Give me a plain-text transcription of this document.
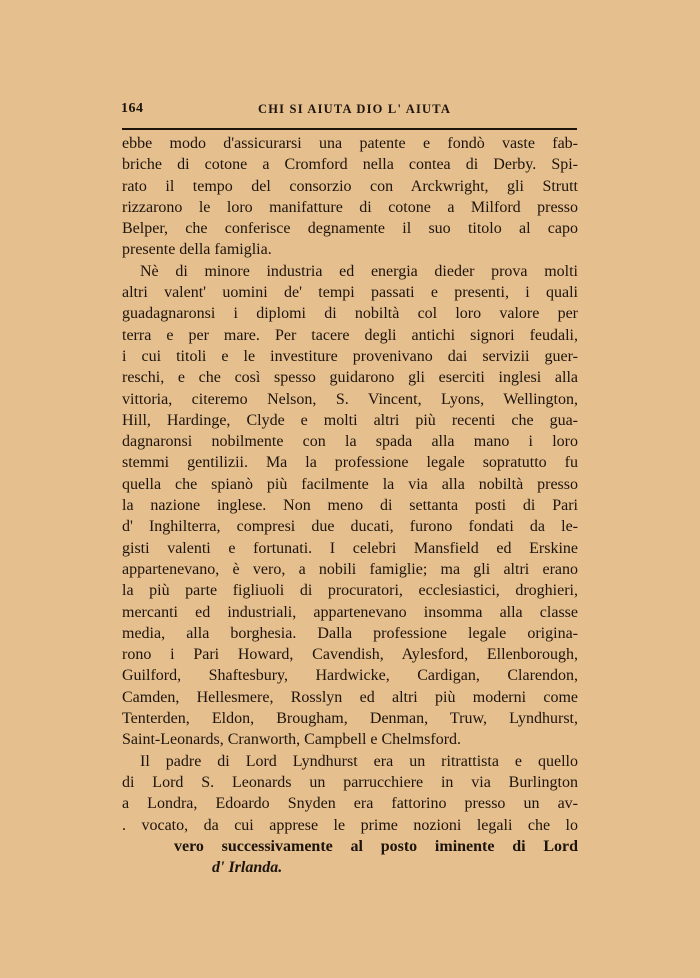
164	CHI SI AIUTA DIO L' AIUTA
ebbe modo d'assicurarsi una patente e fondò vaste fab-
briche di cotone a Cromford nella contea di Derby. Spi-
rato il tempo del consorzio con Arckwright, gli Strutt
rizzarono le loro manifatture di cotone a Milford presso
Belper, che conferisce degnamente il suo titolo al capo
presente della famiglia.
Nè di minore industria ed energia dieder prova molti
altri valent' uomini de' tempi passati e presenti, i quali
guadagnaronsi i diplomi di nobiltà col loro valore per
terra e per mare. Per tacere degli antichi signori feudali,
i cui titoli e le investiture provenivano dai servizii guer-
reschi, e che così spesso guidarono gli eserciti inglesi alla
vittoria, citeremo Nelson, S. Vincent, Lyons, Wellington,
Hill, Hardinge, Clyde e molti altri più recenti che gua-
dagnaronsi nobilmente con la spada alla mano i loro
stemmi gentilizii. Ma la professione legale sopratutto fu
quella che spianò più facilmente la via alla nobiltà presso
la nazione inglese. Non meno di settanta posti di Pari
d' Inghilterra, compresi due ducati, furono fondati da le-
gisti valenti e fortunati. I celebri Mansfield ed Erskine
appartenevano, è vero, a nobili famiglie; ma gli altri erano
la più parte figliuoli di procuratori, ecclesiastici, droghieri,
mercanti ed industriali, appartenevano insomma alla classe
media, alla borghesia. Dalla professione legale origina-
rono i Pari Howard, Cavendish, Aylesford, Ellenborough,
Guilford, Shaftesbury, Hardwicke, Cardigan, Clarendon,
Camden, Hellesmere, Rosslyn ed altri più moderni come
Tenterden, Eldon, Brougham, Denman, Truw, Lyndhurst,
Saint-Leonards, Cranworth, Campbell e Chelmsford.
Il padre di Lord Lyndhurst era un ritrattista e quello
di Lord S. Leonards un parrucchiere in via Burlington
a Londra, Edoardo Snyden era fattorino presso un av-
. vocato, da cui apprese le prime nozioni legali che lo
vero successivamente al posto iminente di Lord
d' Irlanda.
